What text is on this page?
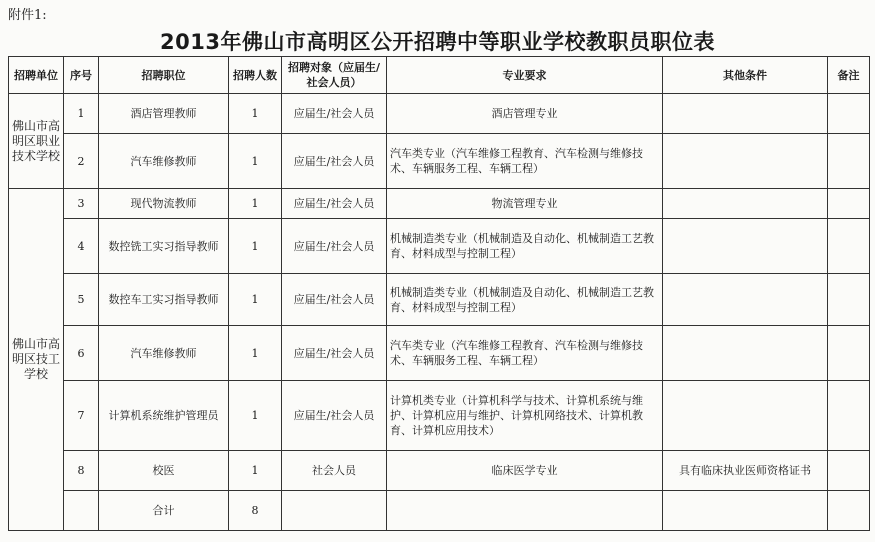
附件1:
2013年佛山市高明区公开招聘中等职业学校教职员职位表
招聘单位	序号	招聘职位	招聘人数	招聘对象（应届生/社会人员）	专业要求	其他条件	备注
佛山市高明区职业技术学校	1	酒店管理教师	1	应届生/社会人员	酒店管理专业		
	2	汽车维修教师	1	应届生/社会人员	汽车类专业（汽车维修工程教育、汽车检测与维修技术、车辆服务工程、车辆工程）		
佛山市高明区技工学校	3	现代物流教师	1	应届生/社会人员	物流管理专业		
	4	数控铣工实习指导教师	1	应届生/社会人员	机械制造类专业（机械制造及自动化、机械制造工艺教育、材料成型与控制工程）		
	5	数控车工实习指导教师	1	应届生/社会人员	机械制造类专业（机械制造及自动化、机械制造工艺教育、材料成型与控制工程）		
	6	汽车维修教师	1	应届生/社会人员	汽车类专业（汽车维修工程教育、汽车检测与维修技术、车辆服务工程、车辆工程）		
	7	计算机系统维护管理员	1	应届生/社会人员	计算机类专业（计算机科学与技术、计算机系统与维护、计算机应用与维护、计算机网络技术、计算机教育、计算机应用技术）		
	8	校医	1	社会人员	临床医学专业	具有临床执业医师资格证书	
		合计	8				
